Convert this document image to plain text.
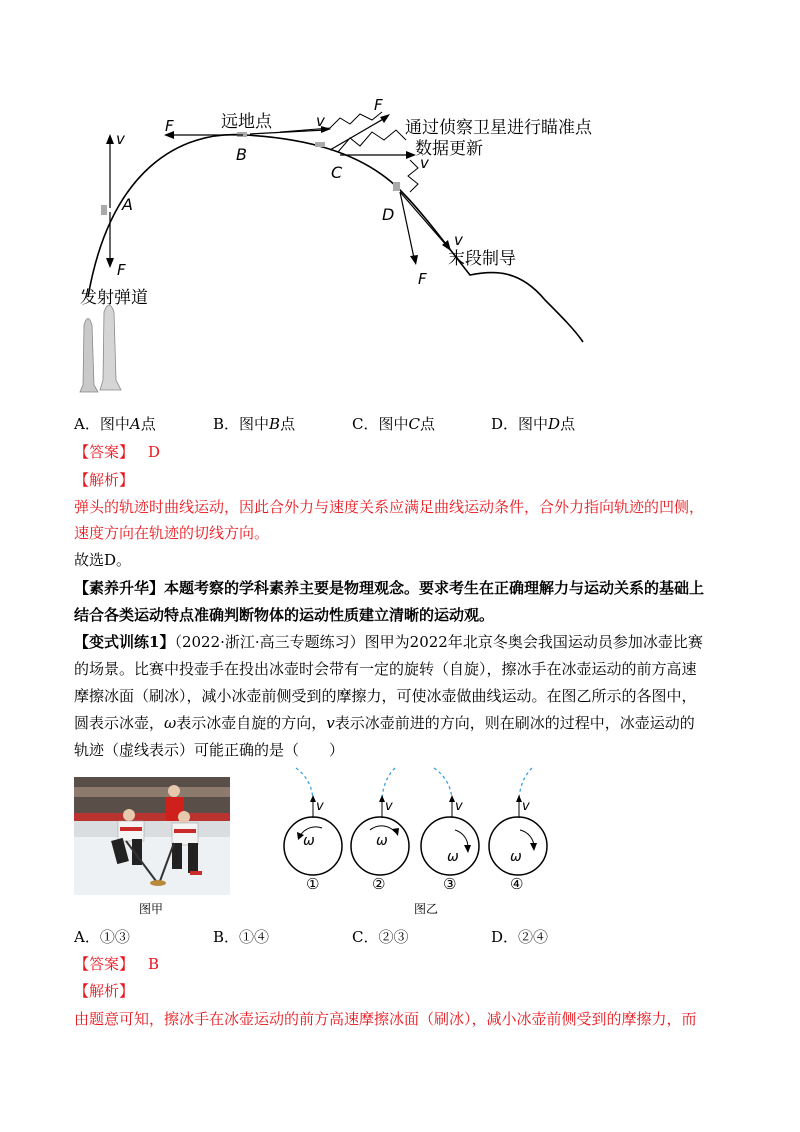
远地点	通过侦察卫星进行瞄准点
数据更新
末段制导
发射弹道
A
B
C
D
v
F
F	v
F
v
v
F
A．图中A点	B．图中B点	C．图中C点	D．图中D点
【答案】 D
【解析】
弹头的轨迹时曲线运动，因此合外力与速度关系应满足曲线运动条件，合外力指向轨迹的凹侧，
速度方向在轨迹的切线方向。
故选D。
【素养升华】本题考察的学科素养主要是物理观念。要求考生在正确理解力与运动关系的基础上
结合各类运动特点准确判断物体的运动性质建立清晰的运动观。
【变式训练1】（2022·浙江·高三专题练习）图甲为2022年北京冬奥会我国运动员参加冰壶比赛
的场景。比赛中投壶手在投出冰壶时会带有一定的旋转（自旋），擦冰手在冰壶运动的前方高速
摩擦冰面（刷冰），减小冰壶前侧受到的摩擦力，可使冰壶做曲线运动。在图乙所示的各图中，
圆表示冰壶，ω表示冰壶自旋的方向，v表示冰壶前进的方向，则在刷冰的过程中，冰壶运动的
轨迹（虚线表示）可能正确的是（　　）
v	v	v	v
ω	ω
ω	ω
①	②	③	④
图甲	图乙
A．①③	B．①④	C．②③	D．②④
【答案】 B
【解析】
由题意可知，擦冰手在冰壶运动的前方高速摩擦冰面（刷冰），减小冰壶前侧受到的摩擦力，而
